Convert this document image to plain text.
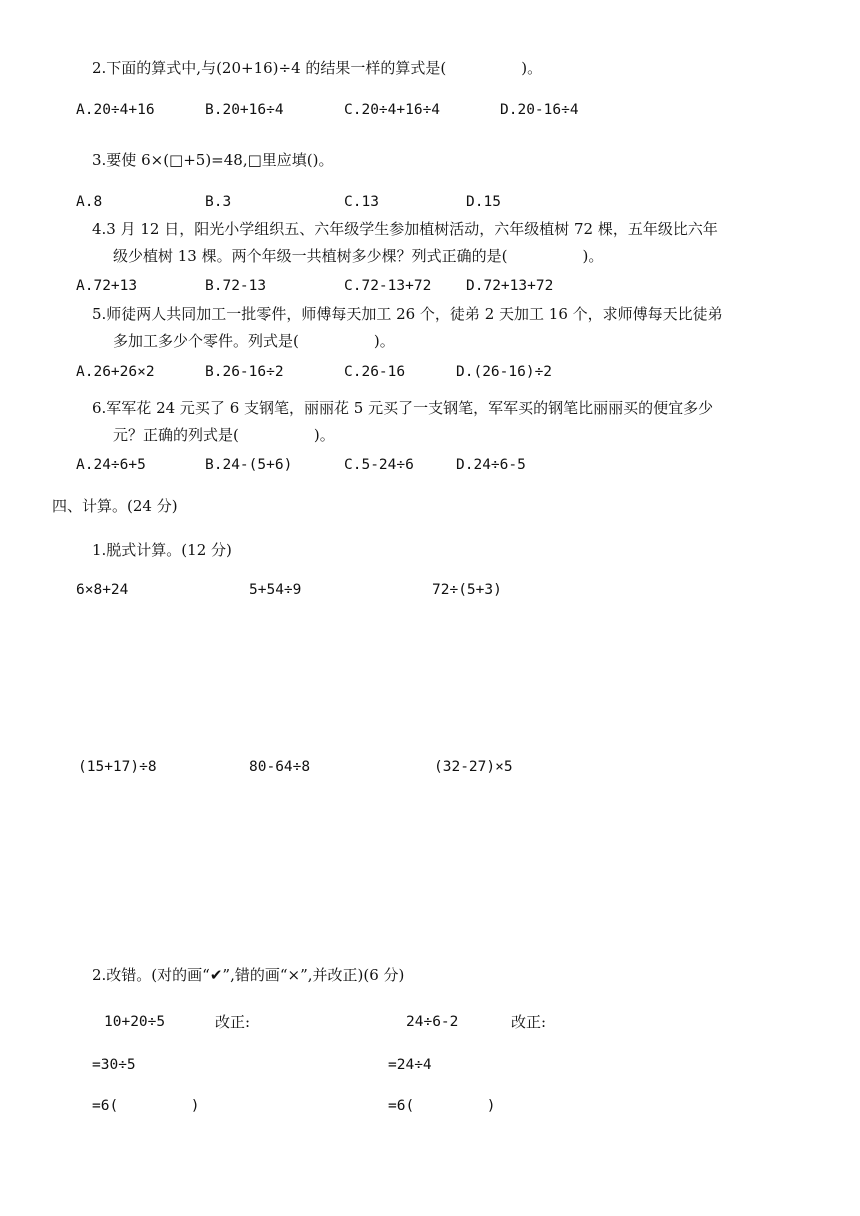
2.下面的算式中,与(20+16)÷4 的结果一样的算式是(　　　　　)。
A.20÷4+16	B.20+16÷4	C.20÷4+16÷4	D.20-16÷4
3.要使 6×(□+5)=48,□里应填()。
A.8	B.3	C.13	D.15
4.3 月 12 日，阳光小学组织五、六年级学生参加植树活动，六年级植树 72 棵，五年级比六年
级少植树 13 棵。两个年级一共植树多少棵？列式正确的是(　　　　　)。
A.72+13	B.72-13	C.72-13+72 D.72+13+72
5.师徒两人共同加工一批零件，师傅每天加工 26 个，徒弟 2 天加工 16 个，求师傅每天比徒弟
多加工多少个零件。列式是(　　　　　)。
A.26+26×2	B.26-16÷2	C.26-16	D.(26-16)÷2
6.军军花 24 元买了 6 支钢笔，丽丽花 5 元买了一支钢笔，军军买的钢笔比丽丽买的便宜多少
元？正确的列式是(　　　　　)。
A.24÷6+5	B.24-(5+6)	C.5-24÷6	D.24÷6-5
四、计算。(24 分)
1.脱式计算。(12 分)
6×8+24	5+54÷9	72÷(5+3)
(15+17)÷8	80-64÷8	(32-27)×5
2.改错。(对的画“✔”,错的画“×”,并改正)(6 分)
10+20÷5	改正:
=30÷5
=6(　　　　　)
24÷6-2	改正:
=24÷4
=6(　　　　　)
